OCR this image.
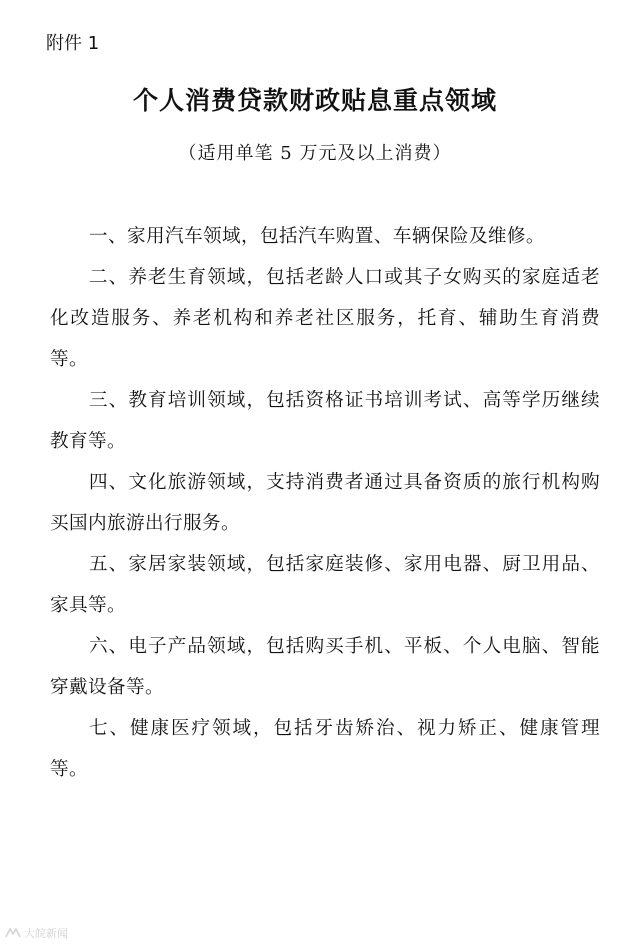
附件 1
个人消费贷款财政贴息重点领域
（适用单笔 5 万元及以上消费）

一、家用汽车领域，包括汽车购置、车辆保险及维修。

二、养老生育领域，包括老龄人口或其子女购买的家庭适老化改造服务、养老机构和养老社区服务，托育、辅助生育消费等。

三、教育培训领域，包括资格证书培训考试、高等学历继续教育等。

四、文化旅游领域，支持消费者通过具备资质的旅行机构购买国内旅游出行服务。

五、家居家装领域，包括家庭装修、家用电器、厨卫用品、家具等。

六、电子产品领域，包括购买手机、平板、个人电脑、智能穿戴设备等。

七、健康医疗领域，包括牙齿矫治、视力矫正、健康管理等。

大皖新闻
